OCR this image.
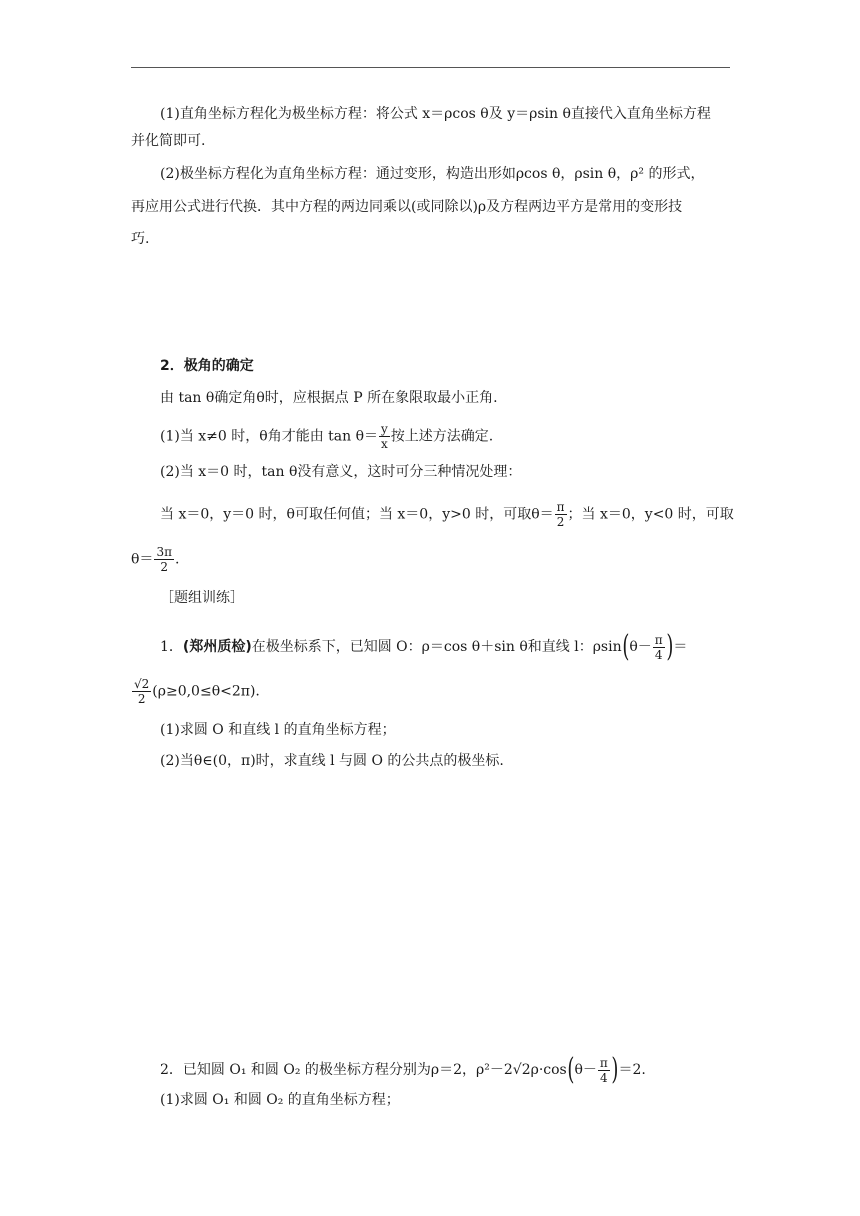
(1)直角坐标方程化为极坐标方程：将公式 x＝ρcos θ及 y＝ρsin θ直接代入直角坐标方程
并化简即可.
(2)极坐标方程化为直角坐标方程：通过变形，构造出形如ρcos θ，ρsin θ，ρ² 的形式，
再应用公式进行代换．其中方程的两边同乘以(或同除以)ρ及方程两边平方是常用的变形技
巧.
2．极角的确定
由 tan θ确定角θ时，应根据点 P 所在象限取最小正角.
(1)当 x≠0 时，θ角才能由 $\tan \theta= \frac{y}{x}$ 按上述方法确定.
(2)当 x＝0 时，tan θ没有意义，这时可分三种情况处理：
当 x＝0，y＝0 时，θ可取任何值；当 x＝0，y>0 时，可取$\theta= \frac{\pi}{2}$ ；当 x＝0，y<0 时，可取
$\theta= \frac{3\pi}{2}$ .
［题组训练］
1．(郑州质检)在极坐标系下，已知圆 O：ρ＝cos θ＋sin θ和直线 l：$\rho\sin(\theta- \frac{\pi}{4}$ )＝
$\frac{√2}{2} (\rho\ge 0,0\le\theta<2\pi)$.
(1)求圆 O 和直线 l 的直角坐标方程；
(2)当θ∈(0，π)时，求直线 l 与圆 O 的公共点的极坐标.
2．已知圆 O₁ 和圆 O₂ 的极坐标方程分别为ρ＝2，$\rho^2-2√2\rho\cdot\cos(\theta- \frac{\pi}{4} )=2$.
(1)求圆 O₁ 和圆 O₂ 的直角坐标方程；
